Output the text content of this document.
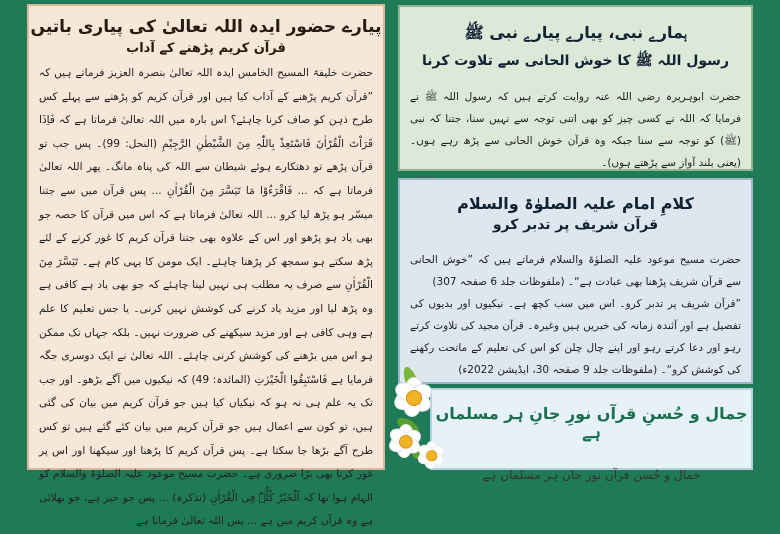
پیارے حضور ایدہ اللہ تعالیٰ کی پیاری باتیں
قرآن کریم پڑھنے کے آداب
حضرت خلیفۃ المسیح الخامس ایدہ اللہ تعالیٰ بنصرہ العزیز فرماتے ہیں کہ ”قرآن کریم پڑھنے کے آداب کیا ہیں اور قرآن کریم کو پڑھنے سے پہلے کس طرح ذہن کو صاف کرنا چاہئے؟ اس بارہ میں اللہ تعالیٰ فرماتا ہے کہ فَاِذَا قَرَاْتَ الْقُرْاٰنَ فَاسْتَعِذْ بِاللّٰہِ مِنَ الشَّیْطٰنِ الرَّجِیْمِ (النحل: 99)۔ پس جب تو قرآن پڑھے تو دھتکارے ہوئے شیطان سے اللہ کی پناہ مانگ۔ پھر اللہ تعالیٰ فرماتا ہے کہ ... فَاقْرَءُوْا مَا تَیَسَّرَ مِنَ الْقُرْاٰنِ ... پس قرآن میں سے جتنا میسّر ہو پڑھ لیا کرو ... اللہ تعالیٰ فرماتا ہے کہ اس میں قرآن کا حصہ جو بھی یاد ہو پڑھو اور اس کے علاوہ بھی جتنا قرآن کریم کا غور کرنے کے لئے پڑھ سکتے ہو سمجھ کر پڑھنا چاہئے۔ ایک مومن کا یہی کام ہے۔ تَیَسَّرَ مِنَ الْقُرْاٰنِ سے صرف یہ مطلب ہی نہیں لینا چاہئے کہ جو بھی یاد ہے کافی ہے وہ پڑھ لیا اور مزید یاد کرنے کی کوشش نہیں کرنی۔ یا جس تعلیم کا علم ہے وہی کافی ہے اور مزید سیکھنے کی ضرورت نہیں۔ بلکہ جہاں تک ممکن ہو اس میں بڑھنے کی کوشش کرنی چاہئے۔ اللہ تعالیٰ نے ایک دوسری جگہ فرمایا ہے فَاسْتَبِقُوا الْخَیْرٰتِ (المائدہ: 49) کہ نیکیوں میں آگے بڑھو۔ اور جب تک یہ علم ہی نہ ہو کہ نیکیاں کیا ہیں جو قرآن کریم میں بیان کی گئی ہیں، تو کون سے اعمال ہیں جو قرآن کریم میں بیان کئے گئے ہیں تو کس طرح آگے بڑھا جا سکتا ہے۔ پس قرآن کریم کا پڑھنا اور سیکھنا اور اس پر غور کرنا بھی بڑا ضروری ہے۔ حضرت مسیح موعود علیہ الصلوٰۃ والسلام کو الہام ہوا تھا کہ اَلْخَیْرُ کُلُّہٗ فِی الْقُرْاٰنِ (تذکرہ) ... پس جو خیر ہے، جو بھلائی ہے وہ قرآن کریم میں ہے ... پس اللہ تعالیٰ فرماتا ہے
ہمارے نبی، پیارے پیارے نبی ﷺ
رسول اللہ ﷺ کا خوش الحانی سے تلاوت کرنا
حضرت ابوہریرہ رضی اللہ عنہ روایت کرتے ہیں کہ رسول اللہ ﷺ نے فرمایا کہ اللہ نے کسی چیز کو بھی اتنی توجہ سے نہیں سنا، جتنا کہ نبی (ﷺ) کو توجہ سے سنا جبکہ وہ قرآن خوش الحانی سے پڑھ رہے ہوں۔ (یعنی بلند آواز سے پڑھتے ہوں)۔
کلامِ امام علیہ الصلوٰۃ والسلام
قرآن شریف پر تدبر کرو
حضرت مسیح موعود علیہ الصلوٰۃ والسلام فرماتے ہیں کہ ”خوش الحانی سے قرآن شریف پڑھنا بھی عبادت ہے“۔ (ملفوظات جلد 6 صفحہ 307)
”قرآن شریف پر تدبر کرو۔ اس میں سب کچھ ہے۔ نیکیوں اور بدیوں کی تفصیل ہے اور آئندہ زمانہ کی خبریں ہیں وغیرہ۔ قرآن مجید کی تلاوت کرتے رہو اور دعا کرتے رہو اور اپنے چال چلن کو اس کی تعلیم کے ماتحت رکھنے کی کوشش کرو“۔ (ملفوظات جلد 9 صفحہ 30، ایڈیشن 2022ء)
جمال و حُسنِ قرآں نورِ جانِ ہر مسلماں ہے
جمال و حُسن قرآں نور جان ہر مسلماں ہے
